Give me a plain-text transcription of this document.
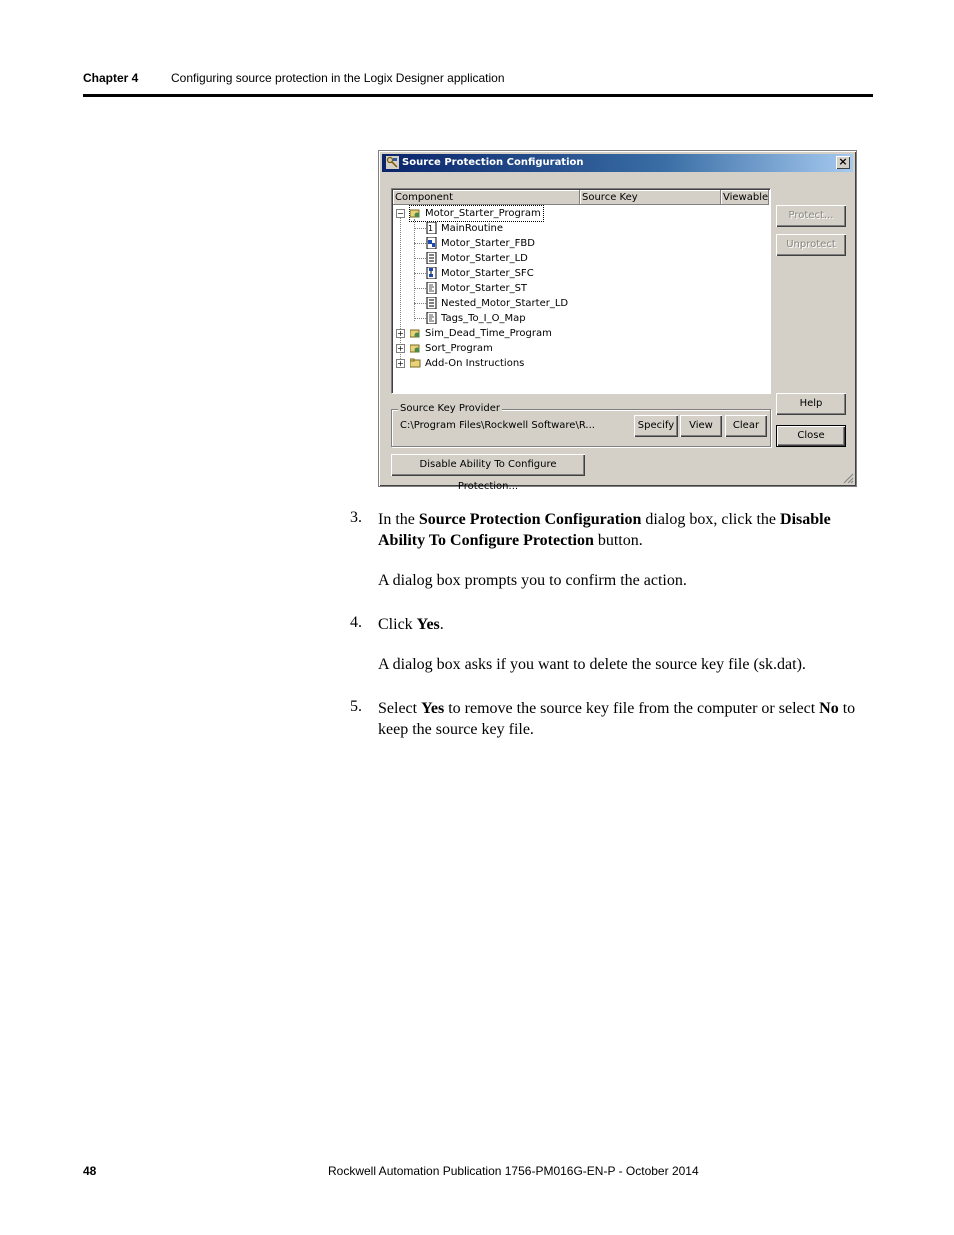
Chapter 4	Configuring source protection in the Logix Designer application
Source Protection Configuration	×
Component	Source Key	Viewable
−	Motor_Starter_Program
1 MainRoutine
Motor_Starter_FBD
Motor_Starter_LD
Motor_Starter_SFC
Motor_Starter_ST
Nested_Motor_Starter_LD
Tags_To_I_O_Map
+	Sim_Dead_Time_Program
+	Sort_Program
+	Add-On Instructions
Protect...
Unprotect
Help
Close
Source Key Provider
C:\Program Files\Rockwell Software\R...	Specify	View	Clear
Disable Ability To Configure Protection...
3. In the Source Protection Configuration dialog box, click the Disable Ability To Configure Protection button.
A dialog box prompts you to confirm the action.
4. Click Yes.
A dialog box asks if you want to delete the source key file (sk.dat).
5. Select Yes to remove the source key file from the computer or select No to keep the source key file.
48	Rockwell Automation Publication 1756-PM016G-EN-P - October 2014
